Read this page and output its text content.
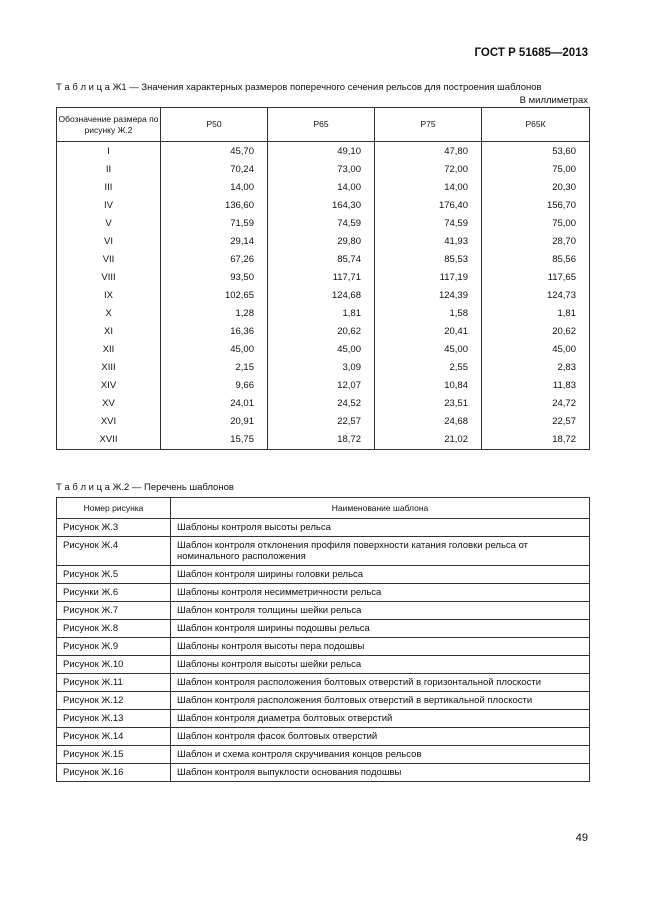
ГОСТ Р 51685—2013
Т а б л и ц а Ж1 — Значения характерных размеров поперечного сечения рельсов для построения шаблонов
В миллиметрах
Обозначение размера по рисунку Ж.2	Р50	Р65	Р75	Р65К
I	45,70	49,10	47,80	53,60
II	70,24	73,00	72,00	75,00
III	14,00	14,00	14,00	20,30
IV	136,60	164,30	176,40	156,70
V	71,59	74,59	74,59	75,00
VI	29,14	29,80	41,93	28,70
VII	67,26	85,74	85,53	85,56
VIII	93,50	117,71	117,19	117,65
IX	102,65	124,68	124,39	124,73
X	1,28	1,81	1,58	1,81
XI	16,36	20,62	20,41	20,62
XII	45,00	45,00	45,00	45,00
XIII	2,15	3,09	2,55	2,83
XIV	9,66	12,07	10,84	11,83
XV	24,01	24,52	23,51	24,72
XVI	20,91	22,57	24,68	22,57
XVII	15,75	18,72	21,02	18,72
Т а б л и ц а Ж.2 — Перечень шаблонов
Номер рисунка	Наименование шаблона
Рисунок Ж.3	Шаблоны контроля высоты рельса
Рисунок Ж.4	Шаблон контроля отклонения профиля поверхности катания головки рельса от номинального расположения
Рисунок Ж.5	Шаблон контроля ширины головки рельса
Рисунки Ж.6	Шаблоны контроля несимметричности рельса
Рисунок Ж.7	Шаблон контроля толщины шейки рельса
Рисунок Ж.8	Шаблон контроля ширины подошвы рельса
Рисунок Ж.9	Шаблоны контроля высоты пера подошвы
Рисунок Ж.10	Шаблоны контроля высоты шейки рельса
Рисунок Ж.11	Шаблон контроля расположения болтовых отверстий в горизонтальной плоскости
Рисунок Ж.12	Шаблон контроля расположения болтовых отверстий в вертикальной плоскости
Рисунок Ж.13	Шаблон контроля диаметра болтовых отверстий
Рисунок Ж.14	Шаблон контроля фасок болтовых отверстий
Рисунок Ж.15	Шаблон и схема контроля скручивания концов рельсов
Рисунок Ж.16	Шаблон контроля выпуклости основания подошвы
49
